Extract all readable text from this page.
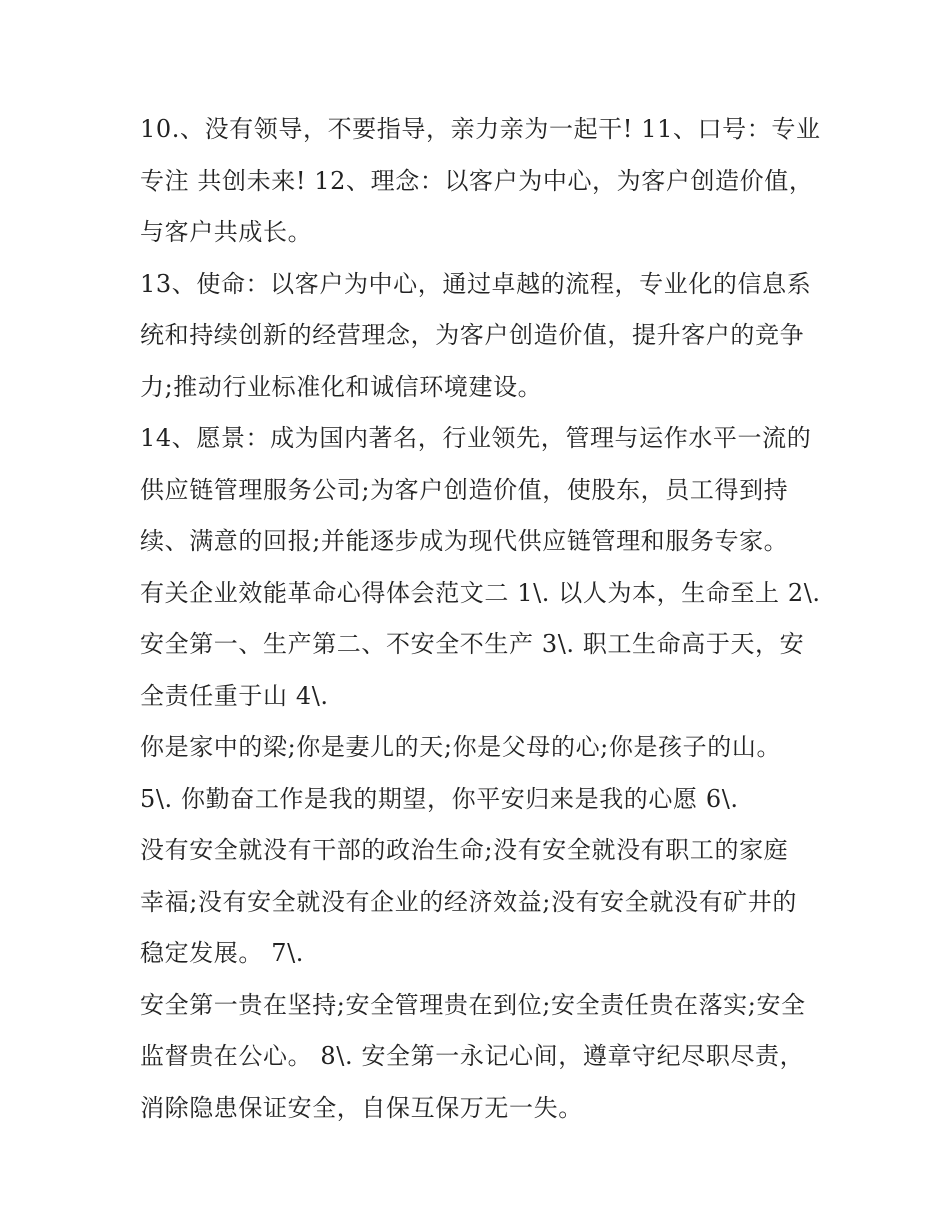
10.、没有领导，不要指导，亲力亲为一起干! 11、口号：专业
专注 共创未来! 12、理念：以客户为中心，为客户创造价值，
与客户共成长。
13、使命：以客户为中心，通过卓越的流程，专业化的信息系
统和持续创新的经营理念，为客户创造价值，提升客户的竞争
力;推动行业标准化和诚信环境建设。
14、愿景：成为国内著名，行业领先，管理与运作水平一流的
供应链管理服务公司;为客户创造价值，使股东，员工得到持
续、满意的回报;并能逐步成为现代供应链管理和服务专家。
有关企业效能革命心得体会范文二 1\. 以人为本，生命至上 2\.
安全第一、生产第二、不安全不生产 3\. 职工生命高于天，安
全责任重于山 4\.
你是家中的梁;你是妻儿的天;你是父母的心;你是孩子的山。
5\. 你勤奋工作是我的期望，你平安归来是我的心愿 6\.
没有安全就没有干部的政治生命;没有安全就没有职工的家庭
幸福;没有安全就没有企业的经济效益;没有安全就没有矿井的
稳定发展。 7\.
安全第一贵在坚持;安全管理贵在到位;安全责任贵在落实;安全
监督贵在公心。 8\. 安全第一永记心间，遵章守纪尽职尽责，
消除隐患保证安全，自保互保万无一失。
